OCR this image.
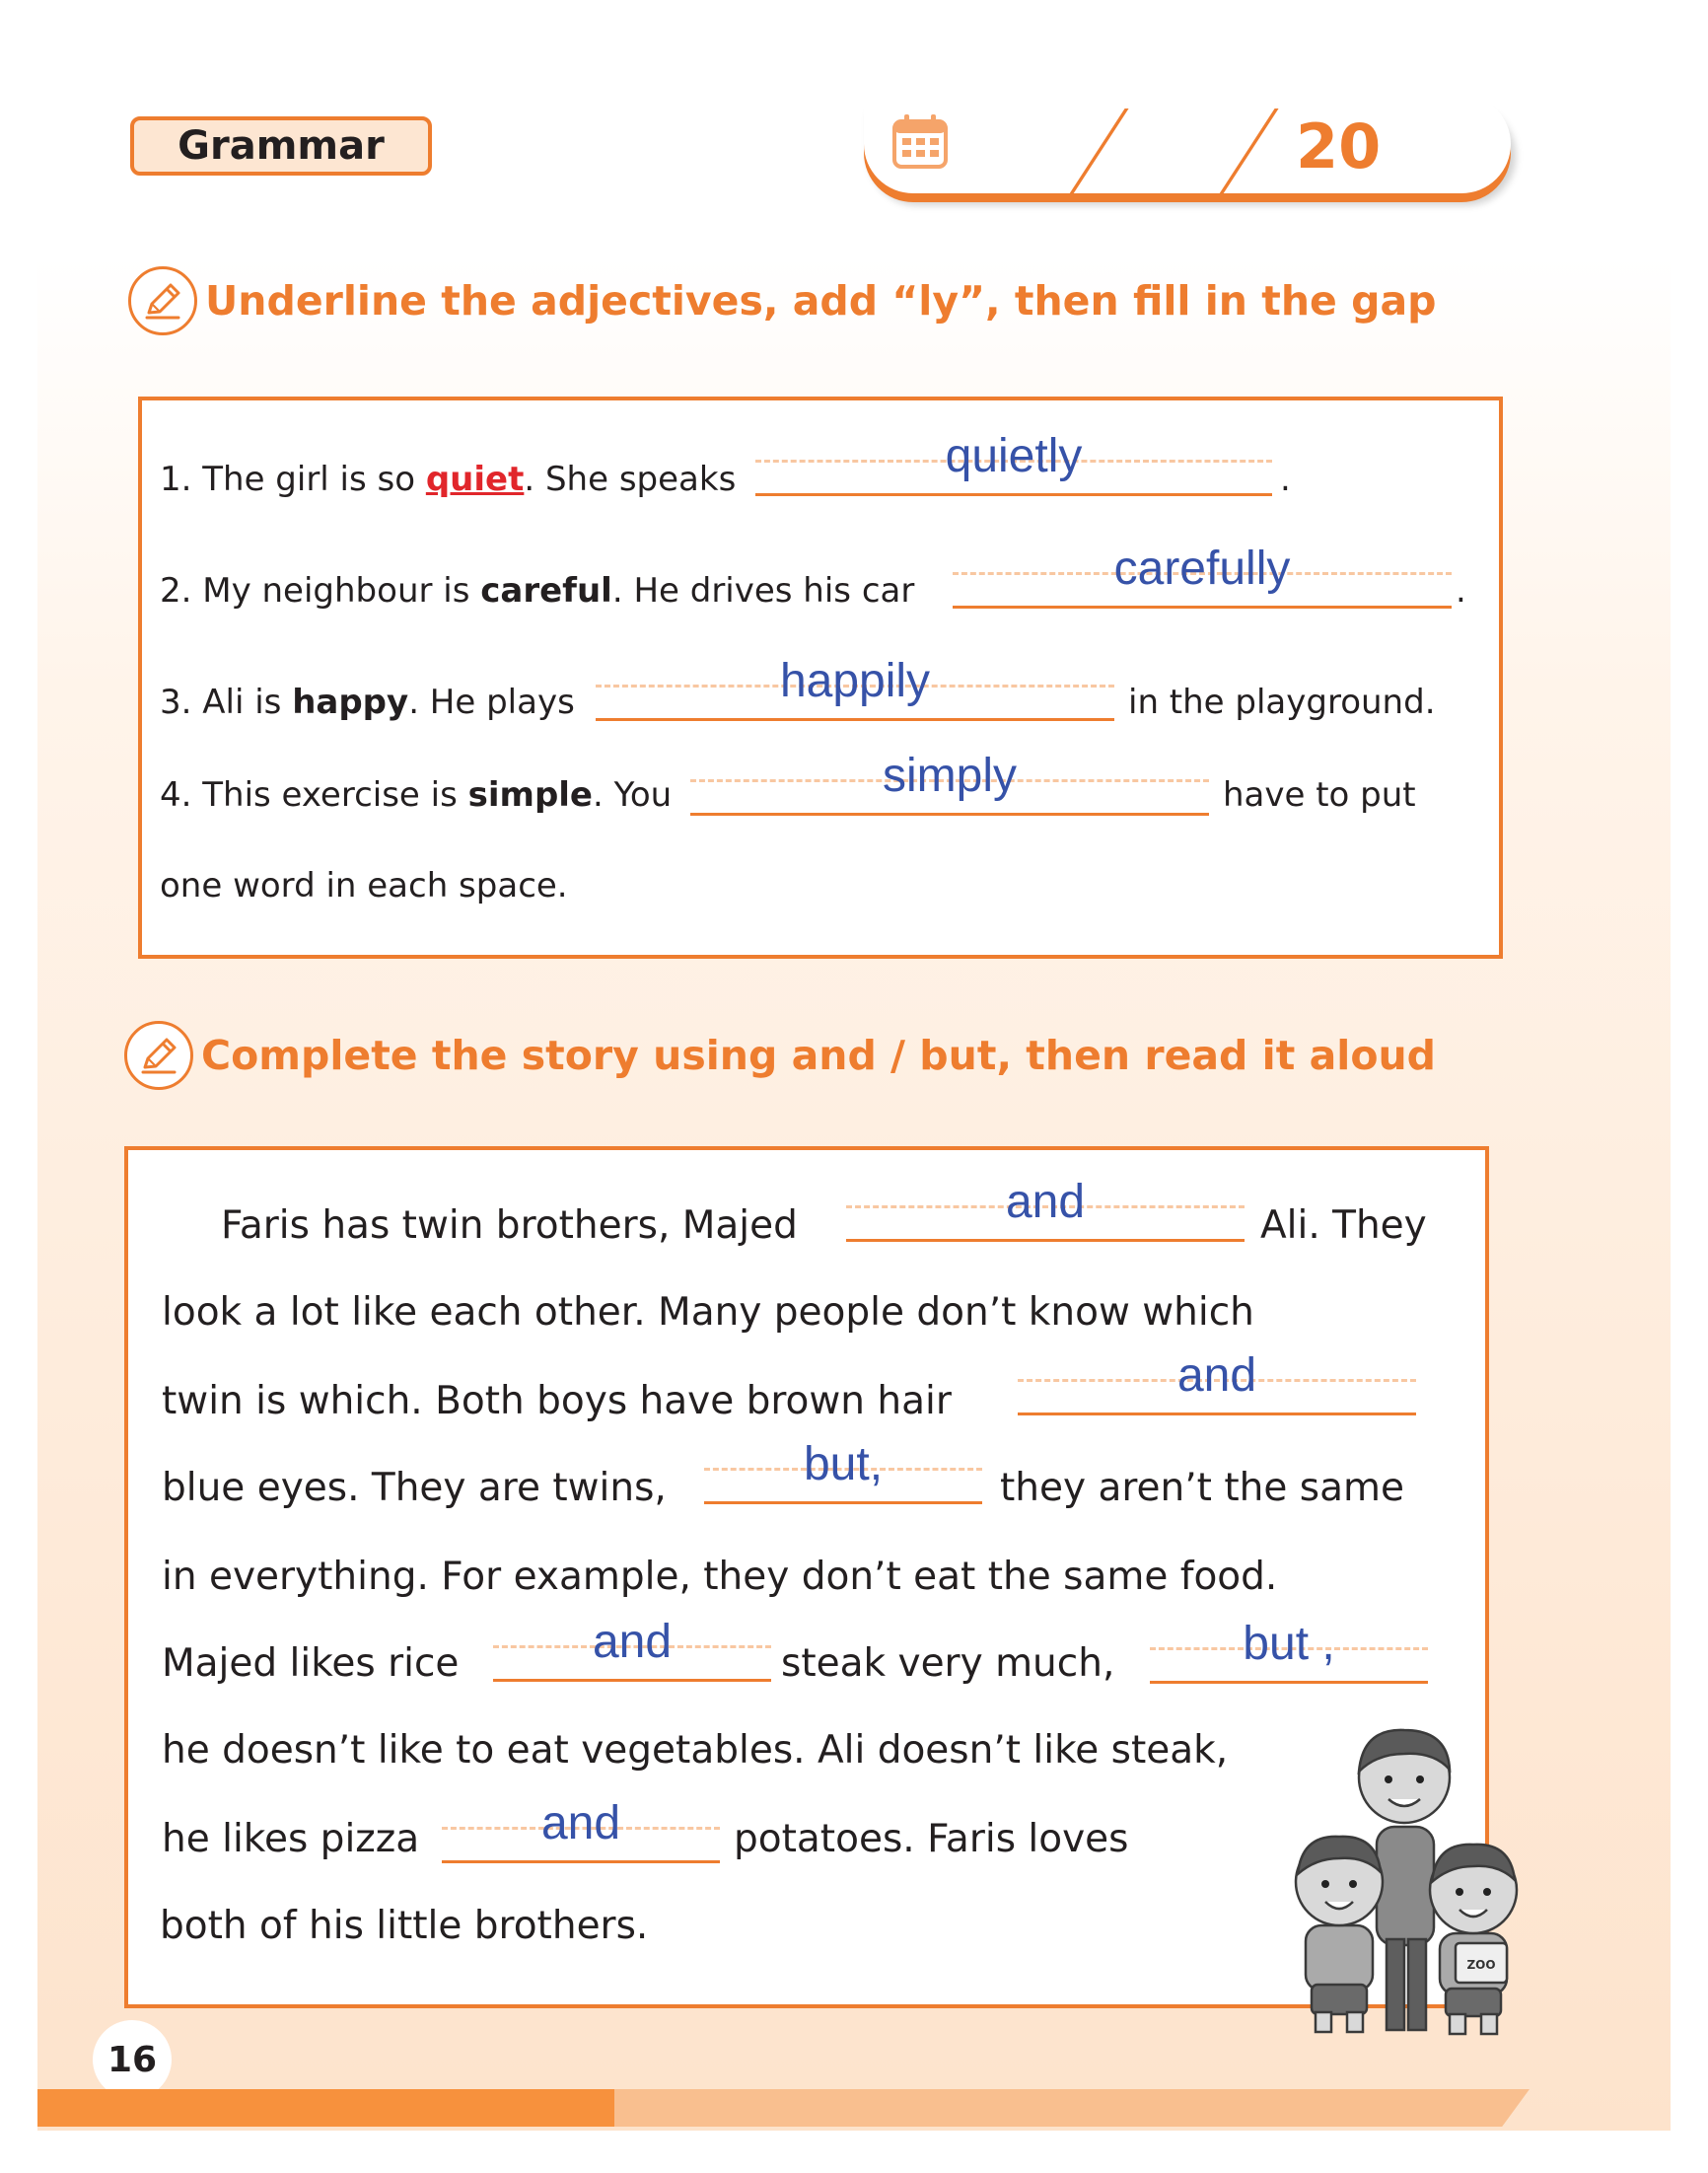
Grammar	20
Underline the adjectives, add “ly”, then fill in the gap
1. The girl is so quiet. She speaks	quietly	.
2. My neighbour is careful. He drives his car	carefully	.
3. Ali is happy. He plays	happily	in the playground.
4. This exercise is simple. You	simply	have to put
one word in each space.
Complete the story using and / but, then read it aloud
Faris has twin brothers, Majed	and	Ali. They
look a lot like each other. Many people don’t know which
twin is which. Both boys have brown hair	and
blue eyes. They are twins,	but,	they aren’t the same
in everything. For example, they don’t eat the same food.
Majed likes rice	and	steak very much,	but ,
he doesn’t like to eat vegetables. Ali doesn’t like steak,
he likes pizza	and	potatoes. Faris loves
both of his little brothers.
ZOO
16
